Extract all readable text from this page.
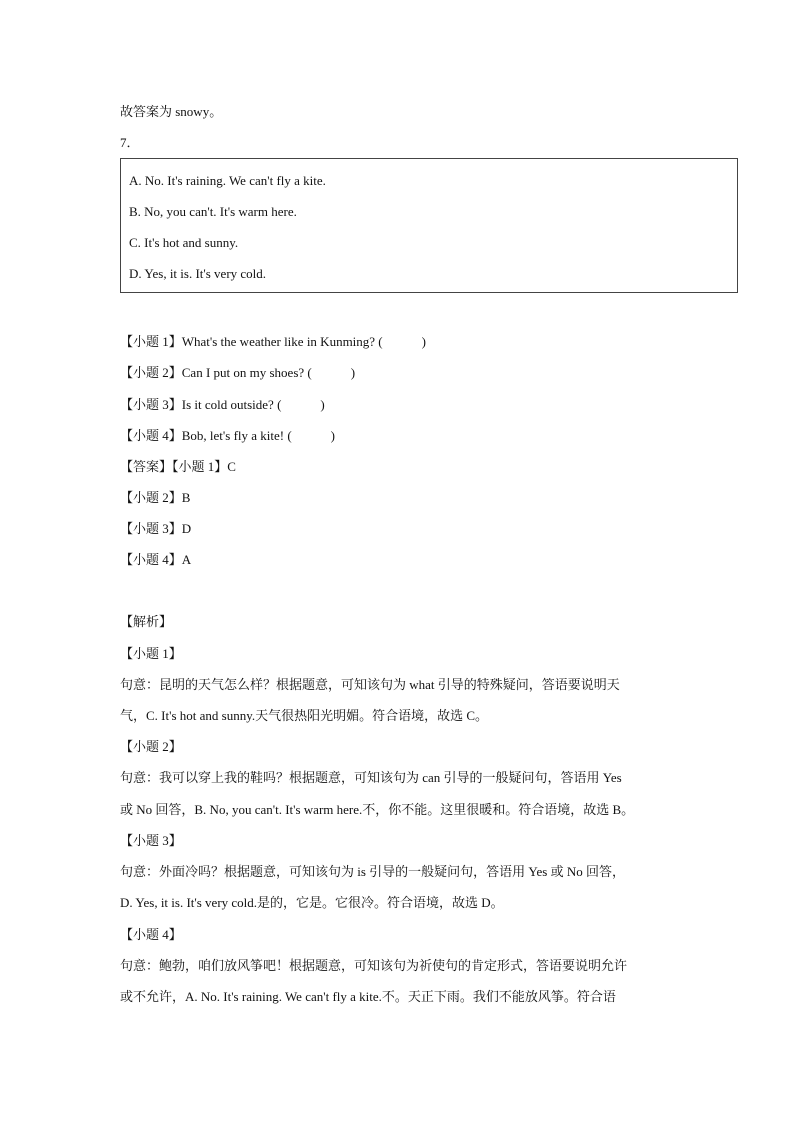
故答案为 snowy。
7．
A. No. It's raining. We can't fly a kite.
B. No, you can't. It's warm here.
C. It's hot and sunny.
D. Yes, it is. It's very cold.
【小题 1】What's the weather like in Kunming? (　　　)
【小题 2】Can I put on my shoes? (　　　)
【小题 3】Is it cold outside? (　　　)
【小题 4】Bob, let's fly a kite! (　　　)
【答案】【小题 1】C
【小题 2】B
【小题 3】D
【小题 4】A
【解析】
【小题 1】
句意：昆明的天气怎么样？根据题意，可知该句为 what 引导的特殊疑问，答语要说明天
气，C. It's hot and sunny.天气很热阳光明媚。符合语境，故选 C。
【小题 2】
句意：我可以穿上我的鞋吗？根据题意，可知该句为 can 引导的一般疑问句，答语用 Yes
或 No 回答，B. No, you can't. It's warm here.不，你不能。这里很暖和。符合语境，故选 B。
【小题 3】
句意：外面冷吗？根据题意，可知该句为 is 引导的一般疑问句，答语用 Yes 或 No 回答，
D. Yes, it is. It's very cold.是的，它是。它很冷。符合语境，故选 D。
【小题 4】
句意：鲍勃，咱们放风筝吧！根据题意，可知该句为祈使句的肯定形式，答语要说明允许
或不允许，A. No. It's raining. We can't fly a kite.不。天正下雨。我们不能放风筝。符合语
